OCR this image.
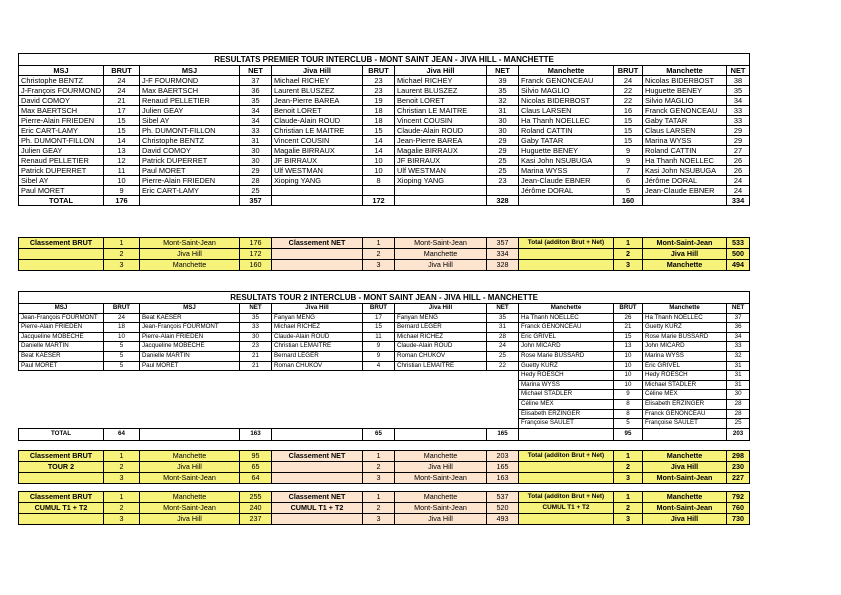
RESULTATS PREMIER TOUR INTERCLUB - MONT SAINT JEAN - JIVA HILL - MANCHETTE											
MSJ	BRUT	MSJ	NET	Jiva Hill	BRUT	Jiva Hill	NET	Manchette	BRUT	Manchette	NET
Christophe BENTZ	24	J-F FOURMOND	37	Michael RICHEY	23	Michael RICHEY	39	Franck GENONCEAU	24	Nicolas BIDERBOST	38
J-François FOURMOND	24	Max BAERTSCH	36	Laurent BLUSZEZ	23	Laurent BLUSZEZ	35	Silvio MAGLIO	22	Huguette BENEY	35
David COMOY	21	Renaud PELLETIER	35	Jean-Pierre BAREA	19	Benoit LORET	32	Nicolas BIDERBOST	22	Silvio MAGLIO	34
Max BAERTSCH	17	Julien GEAY	34	Benoit LORET	18	Christian LE MAITRE	31	Claus LARSEN	16	Franck GENONCEAU	33
Pierre-Alain FRIEDEN	15	Sibel AY	34	Claude-Alain ROUD	18	Vincent COUSIN	30	Ha Thanh NOELLEC	15	Gaby TATAR	33
Eric CART-LAMY	15	Ph. DUMONT-FILLON	33	Christian LE MAITRE	15	Claude-Alain ROUD	30	Roland CATTIN	15	Claus LARSEN	29
Ph. DUMONT-FILLON	14	Christophe BENTZ	31	Vincent COUSIN	14	Jean-Pierre BAREA	29	Gaby TATAR	15	Marina WYSS	29
Julien GEAY	13	David COMOY	30	Magalie BIRRAUX	14	Magalie BIRRAUX	29	Huguette BENEY	9	Roland CATTIN	27
Renaud PELLETIER	12	Patrick DUPERRET	30	JF BIRRAUX	10	JF BIRRAUX	25	Kasi John NSUBUGA	9	Ha Thanh NOELLEC	26
Patrick DUPERRET	11	Paul MORET	29	Ulf WESTMAN	10	Ulf WESTMAN	25	Marina WYSS	7	Kasi John NSUBUGA	26
Sibel AY	10	Pierre-Alain FRIEDEN	28	Xioping YANG	8	Xioping YANG	23	Jean-Claude EBNER	6	Jérôme DORAL	24
Paul MORET	9	Eric CART-LAMY	25					Jérôme DORAL	5	Jean-Claude EBNER	24
TOTAL	176		357		172		328		160		334
Classement BRUT	1	Mont-Saint-Jean	176	Classement NET	1	Mont-Saint-Jean	357	Total (additon Brut + Net)	1	Mont-Saint-Jean	533
	2	Jiva Hill	172		2	Manchette	334		2	Jiva Hill	500
	3	Manchette	160		3	Jiva Hill	328		3	Manchette	494
RESULTATS TOUR 2 INTERCLUB - MONT SAINT JEAN - JIVA HILL - MANCHETTE											
MSJ	BRUT	MSJ	NET	Jiva Hill	BRUT	Jiva Hill	NET	Manchette	BRUT	Manchette	NET
Jean-François FOURMONT	24	Beat KAESER	35	Fanyan MENG	17	Fanyan MENG	35	Ha Thanh NOELLEC	26	Ha Thanh NOELLEC	37
Pierre-Alain FRIEDEN	18	Jean-François FOURMONT	33	Michael RICHEZ	15	Bernard LEGER	31	Franck GENONCEAU	21	Guetty KURZ	36
Jacqueline MOBECHE	10	Pierre-Alain FRIEDEN	30	Claude-Alain ROUD	11	Michael RICHEZ	28	Eric GRIVEL	15	Rose Marie BUSSARD	34
Danielle MARTIN	5	Jacqueline MOBECHE	23	Christian LEMAITRE	9	Claude-Alain ROUD	24	John MICARD	13	John MICARD	33
Beat KAESER	5	Danielle MARTIN	21	Bernard LEGER	9	Roman CHUKOV	25	Rose Marie BUSSARD	10	Marina WYSS	32
Paul MORET	5	Paul MORET	21	Roman CHUKOV	4	Christian LEMAITRE	22	Guetty KURZ	10	Eric GRIVEL	31
								Hedy ROESCH	10	Hedy ROESCH	31
								Marina WYSS	10	Michael STADLER	31
								Michael STADLER	9	Céline MEX	30
								Céline MEX	8	Élisabeth ERZINGER	28
								Élisabeth ERZINGER	8	Franck GENONCEAU	28
								Françoise SAULET	5	Françoise SAULET	25
TOTAL	64		163		65		165		95		203
Classement BRUT	1	Manchette	95	Classement NET	1	Manchette	203	Total (additon Brut + Net)	1	Manchette	298
TOUR 2	2	Jiva Hill	65		2	Jiva Hill	165		2	Jiva Hill	230
	3	Mont-Saint-Jean	64		3	Mont-Saint-Jean	163		3	Mont-Saint-Jean	227
Classement BRUT	1	Manchette	255	Classement NET	1	Manchette	537	Total (additon Brut + Net)	1	Manchette	792
CUMUL T1 + T2	2	Mont-Saint-Jean	240	CUMUL T1 + T2	2	Mont-Saint-Jean	520	CUMUL T1 + T2	2	Mont-Saint-Jean	760
	3	Jiva Hill	237		3	Jiva Hill	493		3	Jiva Hill	730
